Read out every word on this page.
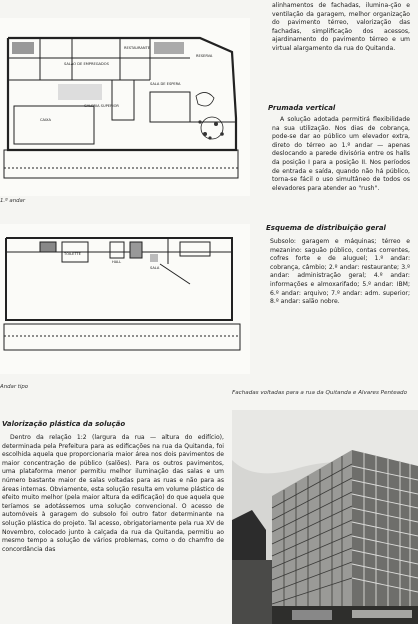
SALÃO DE EMPREGADOS
RESTAURANTE
SALA DE ESPERA
CAIXA
GALERIA SUPERIOR
RESERVA
1.º andar
TOILETTE
HALL
SALA
Andar tipo
alinhamentos de fachadas, ilumina-ção e ventilação da garagem, melhor organização do pavimento térreo, valorização das fachadas, simplificação dos acessos, ajardinamento do pavimento térreo e um virtual alargamento da rua do Quitanda.
Prumada vertical
A solução adotada permitirá flexibilidade na sua utilização. Nos dias de cobrança, pode-se dar ao público um elevador extra, direto do térreo ao 1.º andar — apenas deslocando a parede divisória entre os halls da posição I para a posição II. Nos períodos de entrada e saída, quando não há público, torna-se fácil o uso simultâneo de todos os elevadores para atender ao "rush".
Esquema de distribuição geral
Subsolo: garagem e máquinas; térreo e mezanino: saguão público, contas correntes, cofres forte e de aluguel; 1.º andar: cobrança, câmbio; 2.º andar: restaurante; 3.º andar: administração geral; 4.º andar: informações e almoxarifado; 5.º andar: IBM; 6.º andar: arquivo; 7.º andar: adm. superior; 8.º andar: salão nobre.
Fachadas voltadas para a rua da Quitanda e Alvares Penteado
Valorização plástica da solução
Dentro da relação 1:2 (largura da rua — altura do edifício), determinada pela Prefeitura para as edificações na rua da Quitanda, foi escolhida aquela que proporcionaria maior área nos dois pavimentos de maior concentração de público (salões). Para os outros pavimentos, uma plataforma menor permitiu melhor iluminação das salas e um número bastante maior de salas voltadas para as ruas e não para as áreas internas. Obviamente, esta solução resulta em volume plástico de efeito muito melhor (pela maior altura da edificação) do que aquela que teríamos se adotássemos uma solução convencional. O acesso de automóveis à garagem do subsolo foi outro fator determinante na solução plástica do projeto. Tal acesso, obrigatoriamente pela rua XV de Novembro, colocado junto à calçada da rua da Quitanda, permitiu ao mesmo tempo a solução de vários problemas, como o do chamfro de concordância das
